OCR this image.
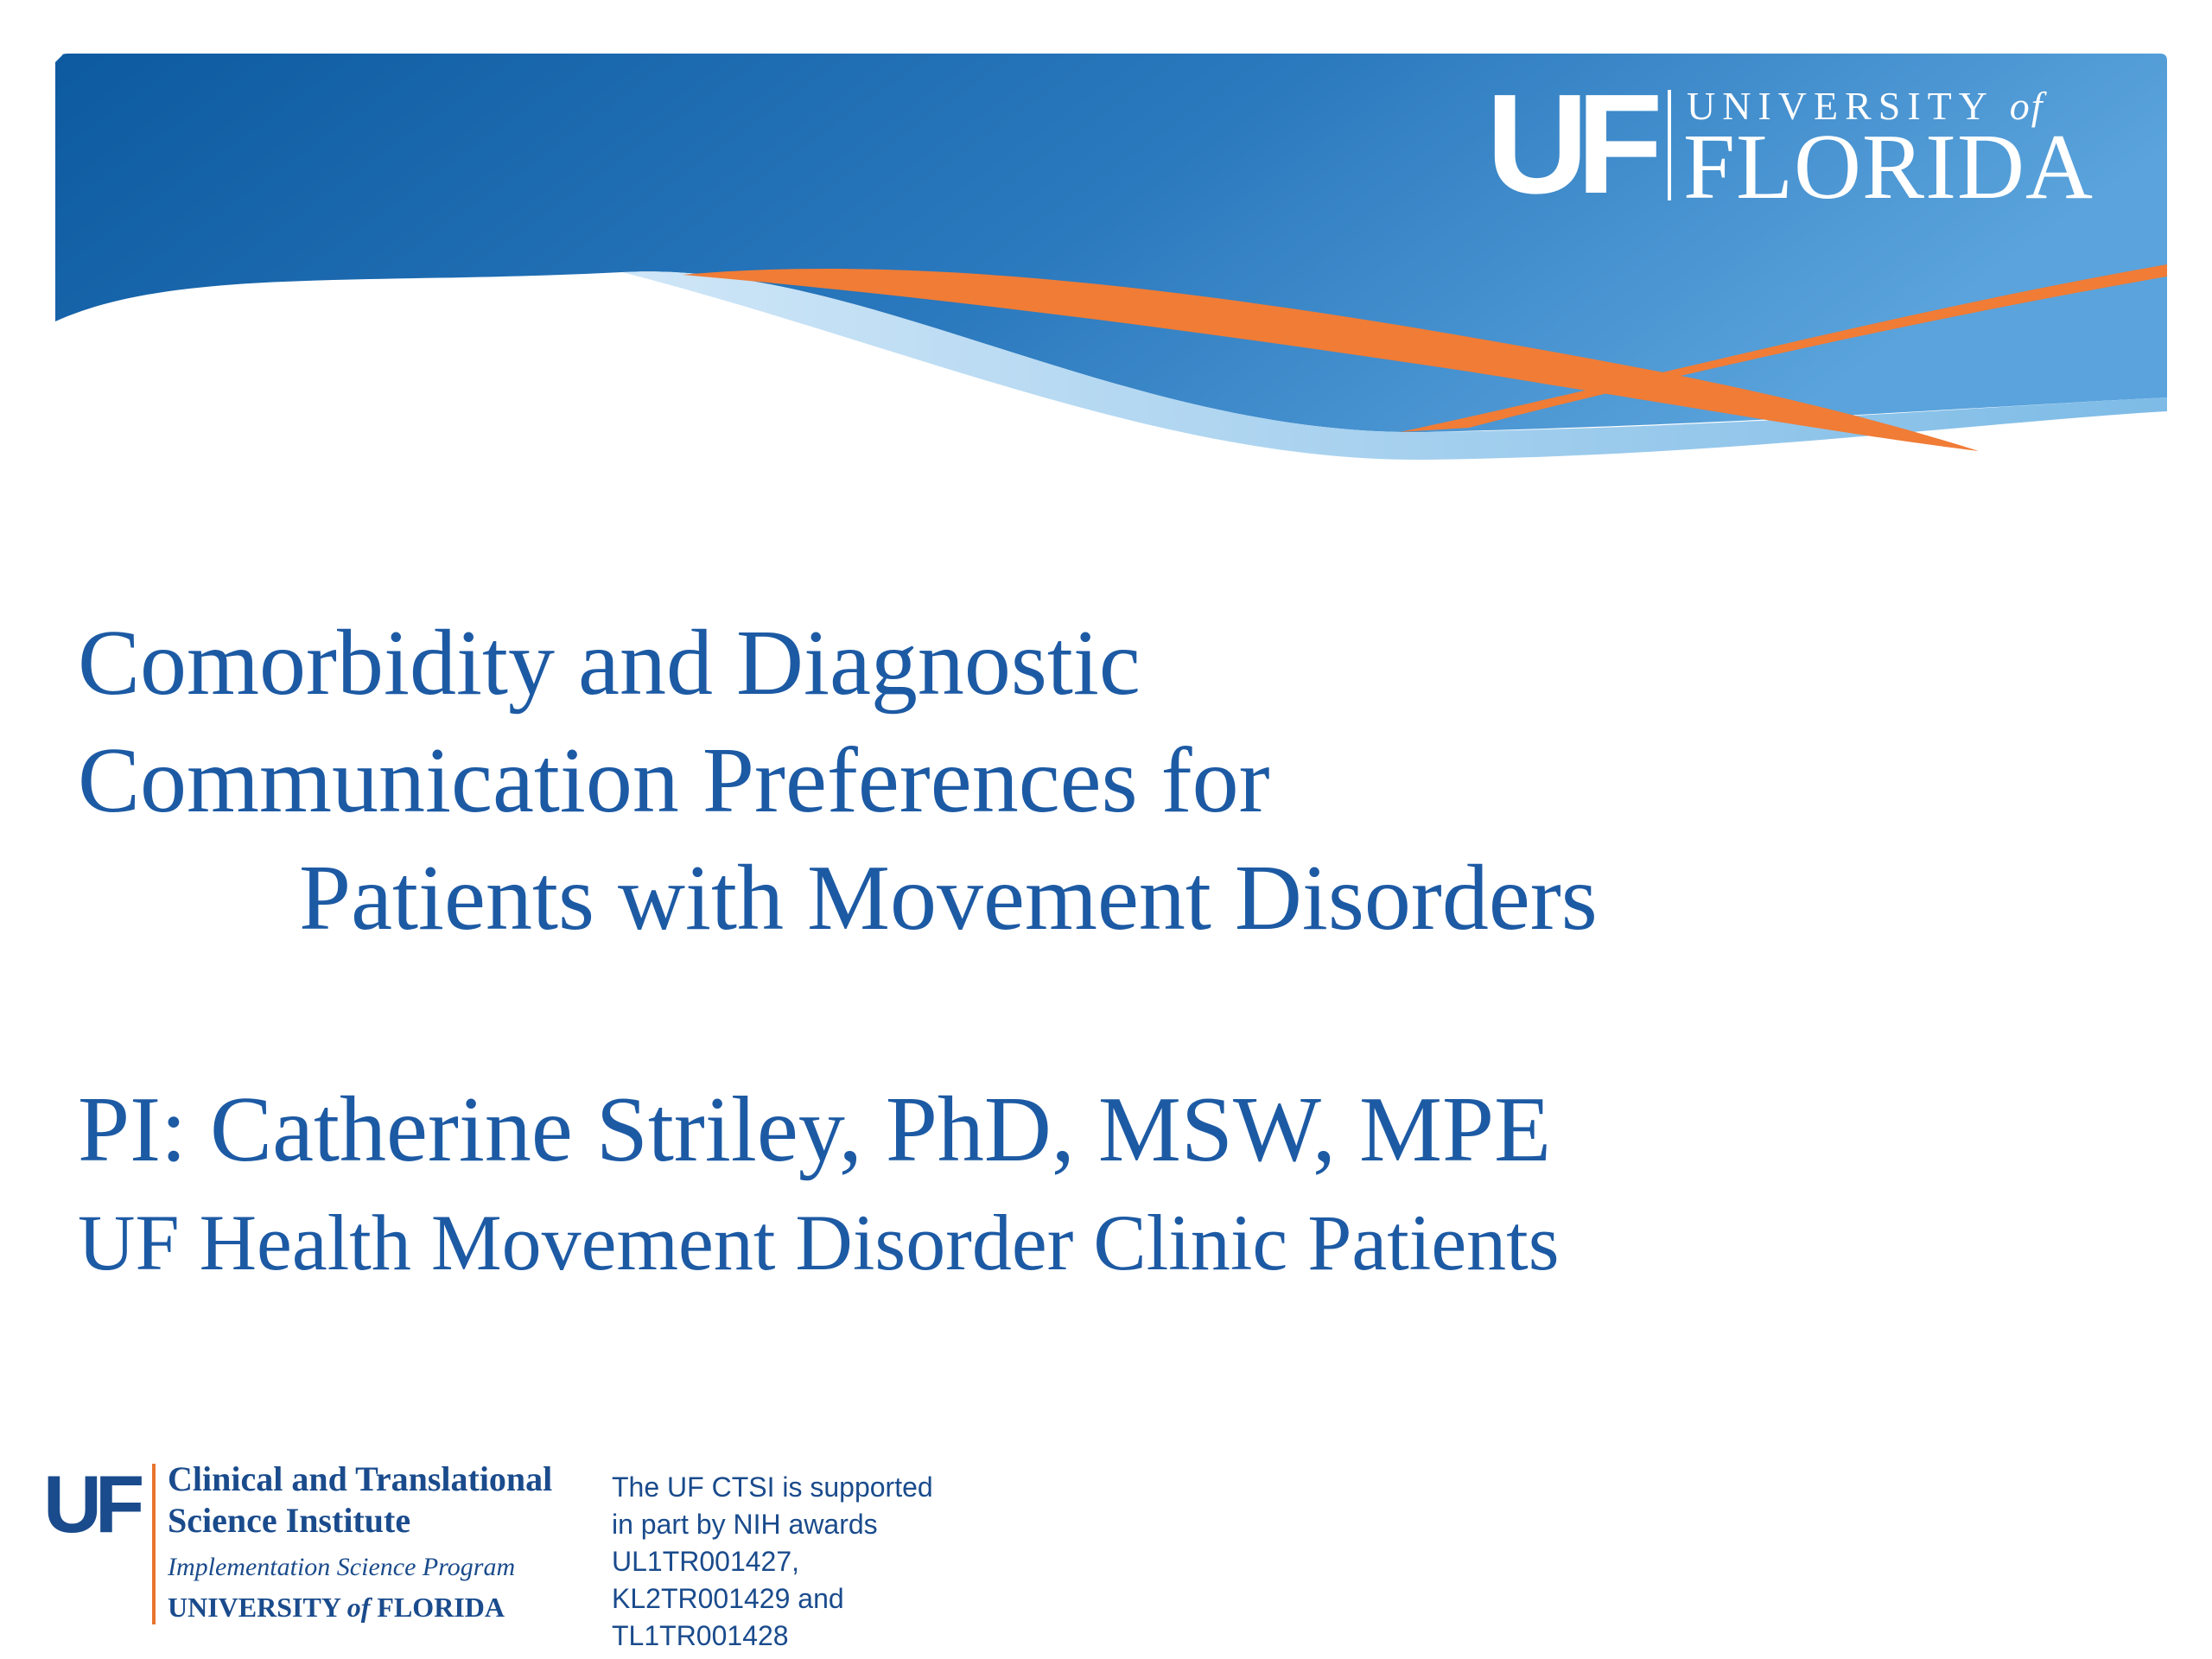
UF UNIVERSITY of
FLORIDA
Comorbidity and Diagnostic
Communication Preferences for
Patients with Movement Disorders
PI: Catherine Striley, PhD, MSW, MPE
UF Health Movement Disorder Clinic Patients
UF Clinical and Translational
Science Institute
Implementation Science Program
UNIVERSITY of FLORIDA
The UF CTSI is supported
in part by NIH awards
UL1TR001427,
KL2TR001429 and
TL1TR001428
